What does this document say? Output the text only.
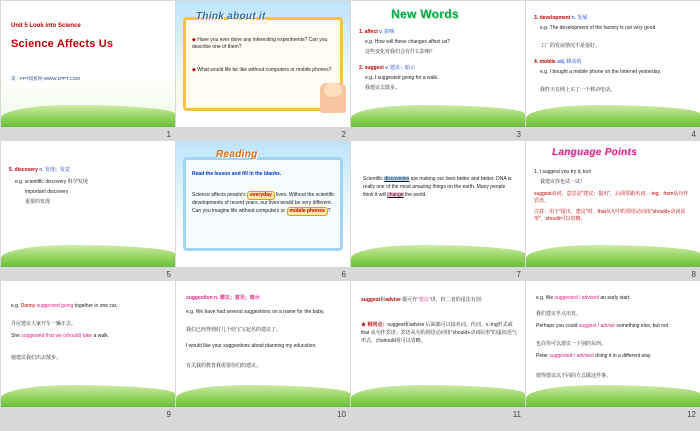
Unit 5 Look into Science
Science Affects Us
第一PPT模板网-WWW.1PPT.COM
1
Think about it
◆ Have you ever done any interesting experiments? Can you describe one of them?
◆ What would life be like without computers or mobile phones?
2
New Words
1. affect v. 影响
e.g. How will these changes affect us?
这些变化对我们会有什么影响？
2. suggest v. 建议；暗示
e.g. I suggested going for a walk.
我建议去散步。
3
3. development n. 发展
e.g. The development of the factory is not very good.
工厂的发展情况不是很好。
4. mobile adj. 移动的
e.g. I bought a mobile phone on the Internet yesterday.
我昨天在网上买了一个移动电话。
4
5. discovery n. 发现；发觉
e.g. scientific discovery 科学发现
important discovery
重要的发现
5
Reading
Read the lesson and fill in the blanks.
Science affects people's everyday lives. Without the scientific developments of recent years, our lives would be very different. Can you imagine life without computers or mobile phones ?
6
Scientific discoveries are making our lives better and better. DNA is really one of the most amazing things on the earth. Many people think it will change the world.
7
Language Points
1. I suggest you try it, too!
我建议你也试一试！
suggest动词，意思是"建议；提出"，后面常跟名词、-ing、from从句作宾语。
注意：用于"提出，建议"时，that从句中的谓语动词用"should+动词原形"，should可以省略。
8
e.g. Danny suggested going together in one car.
丹尼建议大家开车一辆车去。
She suggested that we (should) take a walk.
她建议我们出去散步。
9
suggestion n. 建议；意见；暗示
e.g. We have had several suggestions on a name for the baby.
我们已经得到好几个给宝宝起名的建议了。
I would like your suggestions about planning my education.
有关我的教育我需要你们的建议。
10
suggest和advise 都可作"建议"讲，但二者的用法有别：
★ 相同点：suggest和advise 后面都可以接名词、代词、v.-ing形式或that 从句作宾语；宾语从句的谓语动词用"should+动词原形"的虚拟语气形式，而should常可以省略。
11
e.g. We suggested / advised an early start.
我们建议早点出发。
Perhaps you could suggest / advise something else, but not
也许你可以建议一下别的东西。
Peter suggested / advised doing it in a different way.
彼得建议以不同的方式做这件事。
12
